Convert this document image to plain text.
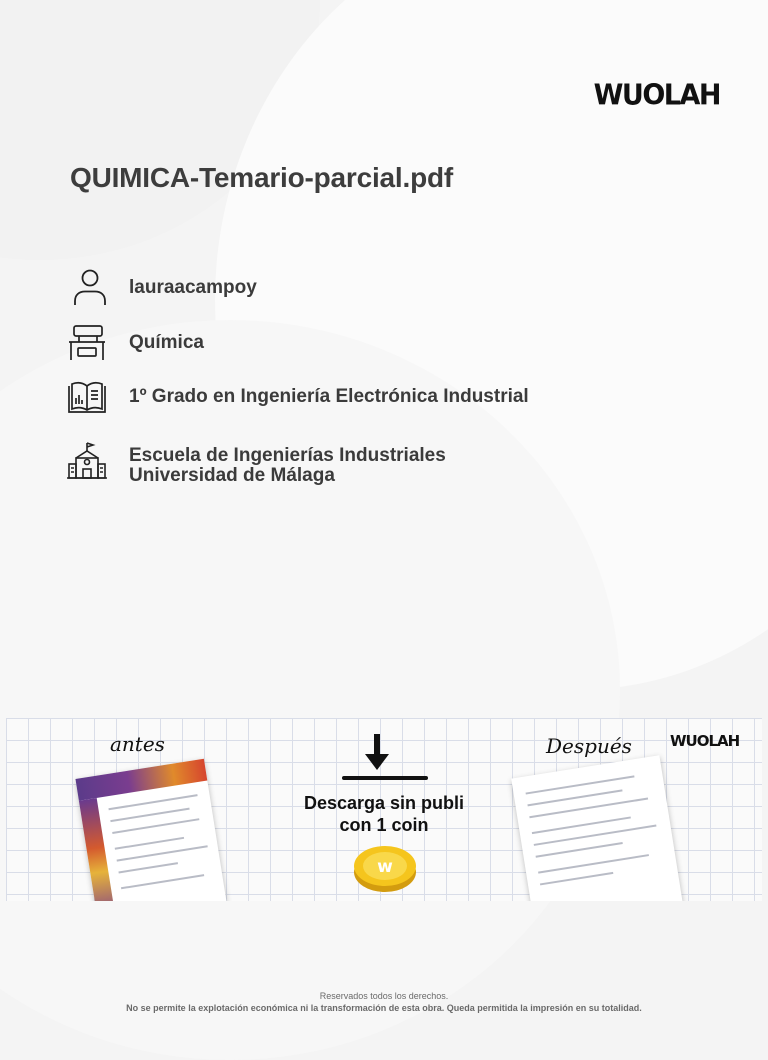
WUOLAH
QUIMICA-Temario-parcial.pdf
lauraacampoy
Química
1º Grado en Ingeniería Electrónica Industrial
Escuela de Ingenierías Industriales
Universidad de Málaga
antes
Descarga sin publi
con 1 coin
w
Después	WUOLAH
Reservados todos los derechos.
No se permite la explotación económica ni la transformación de esta obra. Queda permitida la impresión en su totalidad.
